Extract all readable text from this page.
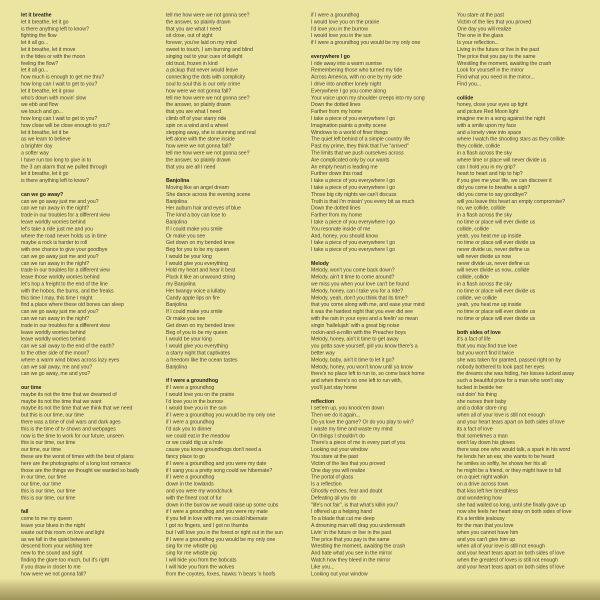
let it breathe
let it breathe, let it go
is there anything left to know?
fighting the flow
let it all go...
let it breathe, let it move
in the tides or with the moon
feeling the flow?
let it all go...
how much is enough to get me thru?
how long can I wait to get to you?
let it breathe, let it grow
who's down with movin' slow
we ebb and flow
we touch and go...
how long can I wait to get to you?
how close will be close enough to you?
let it breathe, let it be
as we learn to believe
a brighter day
a softer way
I have run too long to give in to
the 3 am alarm that we pulled through
let it breathe, let it go
is there anything left to know?
can we go away?
can we go away just me and you?
can we run away in the night?
trade in our troubles for a different view
leave worldly worries behind
let's take a ride just me and you
where the road never holds us in time
maybe a rock is harder to roll
with one chance to give your goodbye
can we go away just me and you?
can we run away in the night?
trade in our troubles for a different view
leave those worldly worries behind
let's hop a freight to the end of the line
with the hobos, the bums, and the freaks
this time I may, this time I might
find a place where these old bones can sleep
can we go away just me and you?
can we run away in the night?
trade in our troubles for a different view
leave worldly worries behind
leave worldly worries behind
can we sail away to the end of the earth?
to the other side of the moon?
where a warm wind blows across lazy eyes
can we sail away, me and you?
can we go away, me and you?
our time
maybe its not the time that we dreamed of
maybe its not the time that we want
maybe its not the time that we think that we need
but this is our time, our time
there was a time of civil wars and dark ages
this is the time of tv shows and webpages
now is the time to work for our future, unseen
this is our time, our time
our time, our time
these are the worst of times with the best of plans
here are the photographs of a long lost romance
those are the things we thought we wanted so badly
in our time, our time
our time, our time
this is our time, our time
this is our time, our time
fall
come to me my queen
leave your blues in the night
waste out this room on love and light
as we fall in the quiet between
descend from your wishing tree
new to the sound and sight
finding the glare too much, but it's right
if you draw in closer to me
how were we not gonna fall?
tell me how were we not gonna see?
the answer, so plainly drawn
that you are what I need
sit close, out of sight
forever, you've laid on my mind
sweet to touch, I am burning and blind
singing out to your cues of delight
old trust, frozen in kind
a pickup that never would leave
connecting the dots with complicity
soul to soul this is our only crime
how were we not gonna fall?
tell me how were we not gonna see?
the answer, so plainly drawn
that you are what I need
climb off of your starry ride
spin on a wind and a wheel
stepping away, she is stunning and real
left alone with the stone inside
how were we not gonna fall?
tell me how were we not gonna see?
the answer, so plainly drawn
that you are all I need
Banjolina
Moving like an angel dream
She dance across the evening scene
Banjolina
Her auburn hair and eyes of blue
The kind a boy can lose to
Banjolina
If I could make you smile
Or make you see
Get down on my bended knee
Beg for you to be my queen
I would be your king
I would give you everything
Hold my heart and hear it beat
Pluck it like an unwound string
my Banjolina
Her twangy voice a lullaby
Candy apple lips on fire
Banjolina
If I could make you smile
Or make you see
Get down on my bended knee
Beg of you to be my queen
I would be your king
I would give you everything
a starry night that captivates
a freedom like the ocean tastes
Banjolina
if I were a groundhog
if I were a groundhog
I would love you on the prairie
I'd love you in the burrow
I would love you in the sun
if I were a groundhog you would be my only one
if I were a groundhog
I'd ask you to dinner
we could eat in the meadow
or we could dig us a hole
cause you know groundhogs don't need a
fancy place to go
if I were a groundhog and you were my date
if I sang you a pretty song could we hibernate?
if I were a groundhog
down in the lowlands
and you were my woodchuck
with the finest coat of fur
down in the burrow we would raise up some cubs
if I were a groundhog and you were my mate
if you fell in love with me, we could hibernate
I got no fingers, and I got no thumbs
but I will love you in the forest or right out in the sun
if I were a groundhog you would be my only one
sing for me whistle pig
sing for me whistle pig
I will hide you from the bobcats
I will hide you from the wolves
from the coyotes, foxes, hawks 'n bears 'n hoofs
if I were a groundhog
I would love you on the prairie
I'd love you in the burrow
I would love you in the sun
if I were a groundhog you would be my only one
everywhere I go
I ride away into a warm sunrise
Remembering those who turned my tide
Across America, with no one by my side
I drive into another lonely night
Everywhere I go you come along
Your voice upon my shoulder creeps into my song
Down the dotted lines
Farther from my home
I take a piece of you everywhere I go
Imagination paints a pretty scene
Windows to a world of finer things
The quiet left behind of a simple country life
Past my prime, they think that I've "arrived"
The limits that we push ourselves across
Are complicated only by our wants
An empty heart is leading me
Further down this road
I take a piece of you everywhere I go
I take a piece of you everywhere I go
Those big city nights we can't discuss
Truth is that I'm missin' you every bit as much
Down the dotted lines
Farther from my home
I take a piece of you everywhere I go
You resonate inside of me
And, honey, you should know
I take a piece of you everywhere I go
I take a piece of you everywhere I go
Melody
Melody, won't you come back down?
Melody, ain't it time to come around?
we miss you when your love can't be found
Melody, honey, can I take you for a ride?
Melody, yeah, don't you think that its time?
that you come along with me, and ease your mind
it was the hardest night that you ever did see
with the rain in your eyes and a feelin' so mean
singin 'hallelujah' with a great big noise
rockin-and-a-rollin with the Preacher boys
Melody, honey, ain't it time to get away
you gotta save yourself, girl you know there's a
better way
Melody, baby, ain't it time to let it go?
Melody, honey, you won't know until ya know
there's no place left to run to, so come back home
and when there's no one left to run with,
you'll just stay home
reflection
I set'em up, you knock'em down
Then we do it again...
Do ya love the game? Or do you play to win?
I waste my time and waste my mind
On things I shouldn't do
There's a piece of me in every part of you
Looking out your window
You stare at the past
Victim of the lies that you proved
One day you will realize
The portal of glass
Is a reflection
Ghostly echoes, fear and doubt
Defeating all you do
"life's not fair", is that what's killin you?
I offered up a helping hand
To a blade that cut me deep
A drowning man will drag you underneath
Livin' in the future or live in the past
The price that you pay is the same
Wrestling the moment, awaiting the crash
And hate what you see in the mirror
Watch how they bleed in the mirror
Like you...
Looking out your window
You stare at the past
Victim of the lies that you proved
One day you will realize
The one in the glass
Is your reflection...
Living in the future or live in the past
The price that you pay is the same
Wrestling the moment, awaiting the crash
Look for yourself in the mirror
Find what you need in the mirror...
Find you...
collide
honey, close your eyes up tight
and picture Red Moon light
imagine me in a song against the night
with a smile upon my face
and a lonely view into space
where I watch the shooting stars as they collide
they collide, collide
in a flash across the sky
where time or place will never divide us
can I hold you in my grip?
heart to heart and hip to hip?
if you give me your life, we can discover it
did you come to breathe a sigh?
did you come to say goodbye?
will you leave this heart an empty compromise?
no, we collide, collide
in a flash across the sky
no time or place will ever divide us
collide, collide
yeah, you heat me up inside
no time or place will ever divide us
never divide us, never define us
will never divide us now
never divide us, never define us
will never divide us now...collide
collide, collide
in a flash across the sky
no time or place will ever divide us
collide, we collide
yeah, you heat me up inside
no time or place will ever divide us
no time or place will ever divide us
both sides of love
it's a fact of life
that you may find true love
but you won't find it twice
she was taken for granted, passed right on by
nobody bothered to look past her eyes
the dreams she was hiding, her kisses tucked away
such a beautiful prize for a man who won't stay
tucked in beside her
out doin' his thing
she nurses their baby
and a dollar store ring
when all of your love is still not enough
and your heart tears apart on both sides of love
its a fact of love
that sometimes a man
won't lay down his gloves
there was one who would talk, a spark in his word
he lends her an ear, she wants to be heard
he smiles so softly, he shows her his all
he might be a friend, or they might have to fall
on a quiet night walkin
on a drive across town
that kiss left her breathless
and wondering how
she had waited so long, until she finally gave up
now she feels her heart stray on both sides of love
it's a terrible jealousy
for the man that you love
when you cannot have him
and you can't give him up
when all of your love is still not enough
and your heart tears apart on both sides of love
when the greatest of loves is still not enough
and your heart tears apart on both sides of love
